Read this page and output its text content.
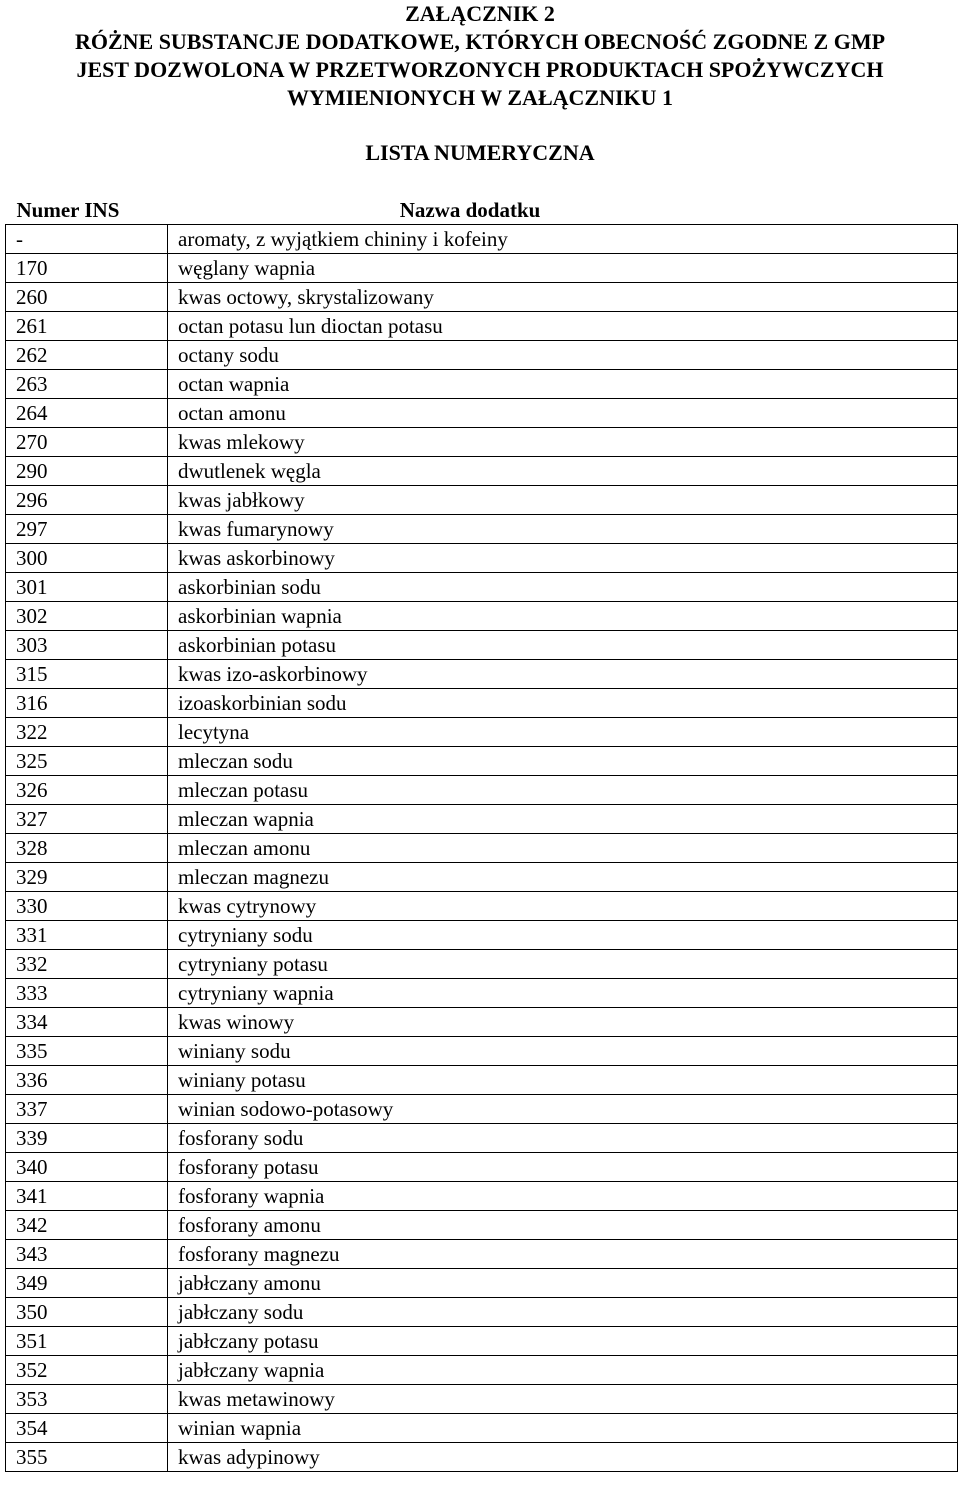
ZAŁĄCZNIK 2
RÓŻNE SUBSTANCJE DODATKOWE, KTÓRYCH OBECNOŚĆ ZGODNE Z GMP
JEST DOZWOLONA W PRZETWORZONYCH PRODUKTACH SPOŻYWCZYCH
WYMIENIONYCH W ZAŁĄCZNIKU 1
LISTA NUMERYCZNA
Numer INS	Nazwa dodatku
-	aromaty, z wyjątkiem chininy i kofeiny
170	węglany wapnia
260	kwas octowy, skrystalizowany
261	octan potasu lun dioctan potasu
262	octany sodu
263	octan wapnia
264	octan amonu
270	kwas mlekowy
290	dwutlenek węgla
296	kwas jabłkowy
297	kwas fumarynowy
300	kwas askorbinowy
301	askorbinian sodu
302	askorbinian wapnia
303	askorbinian potasu
315	kwas izo-askorbinowy
316	izoaskorbinian sodu
322	lecytyna
325	mleczan sodu
326	mleczan potasu
327	mleczan wapnia
328	mleczan amonu
329	mleczan magnezu
330	kwas cytrynowy
331	cytryniany sodu
332	cytryniany potasu
333	cytryniany wapnia
334	kwas winowy
335	winiany sodu
336	winiany potasu
337	winian sodowo-potasowy
339	fosforany sodu
340	fosforany potasu
341	fosforany wapnia
342	fosforany amonu
343	fosforany magnezu
349	jabłczany amonu
350	jabłczany sodu
351	jabłczany potasu
352	jabłczany wapnia
353	kwas metawinowy
354	winian wapnia
355	kwas adypinowy
